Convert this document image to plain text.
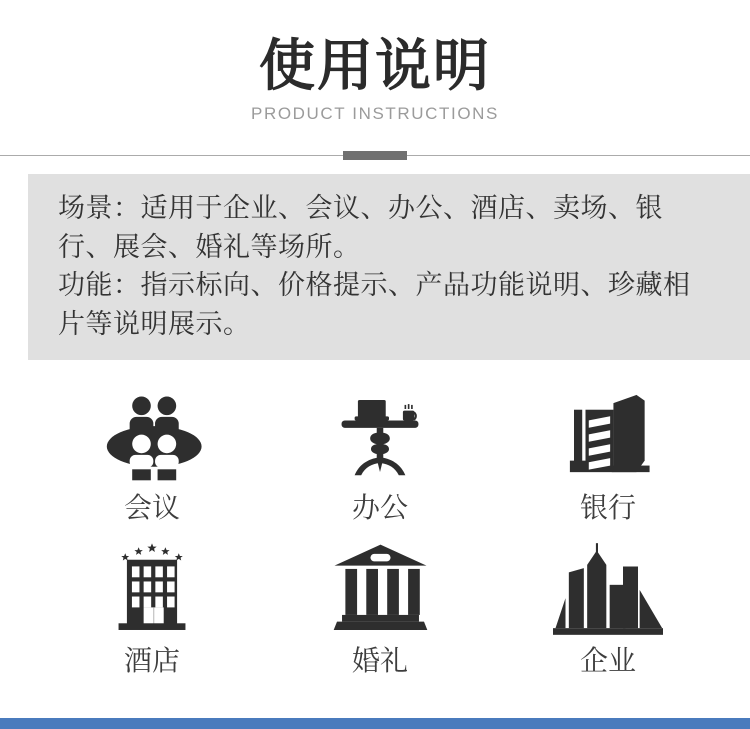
使用说明
PRODUCT INSTRUCTIONS

场景：适用于企业、会议、办公、酒店、卖场、银行、展会、婚礼等场所。

功能：指示标向、价格提示、产品功能说明、珍藏相片等说明展示。

会议	办公	银行
酒店	婚礼	企业
